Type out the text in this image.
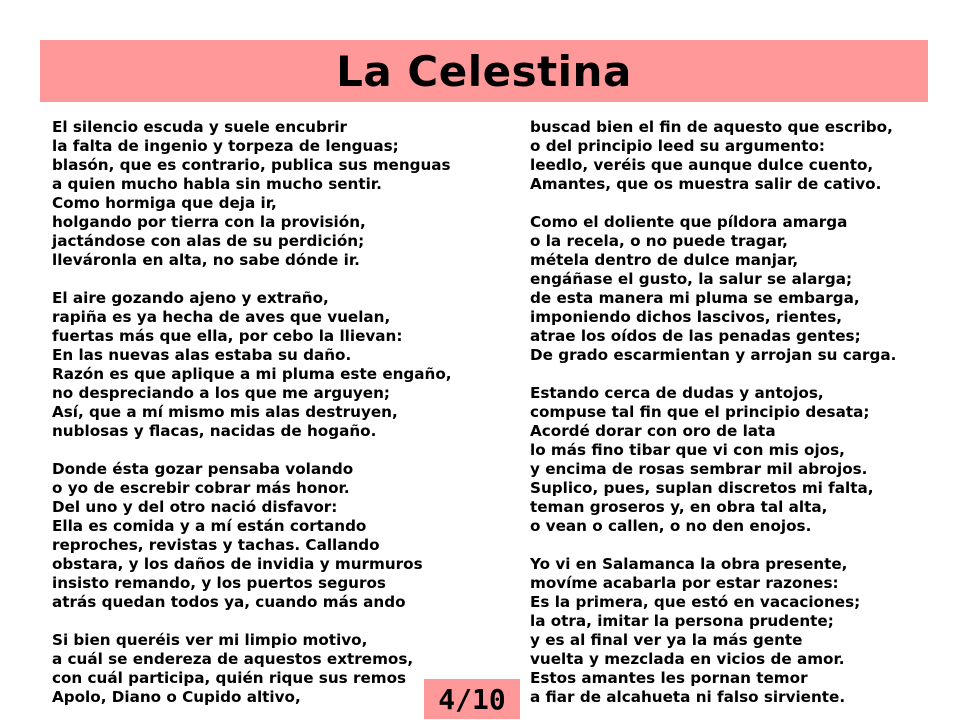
La Celestina
El silencio escuda y suele encubrir
la falta de ingenio y torpeza de lenguas;
blasón, que es contrario, publica sus menguas
a quien mucho habla sin mucho sentir.
Como hormiga que deja ir,
holgando por tierra con la provisión,
jactándose con alas de su perdición;
lleváronla en alta, no sabe dónde ir.
El aire gozando ajeno y extraño,
rapiña es ya hecha de aves que vuelan,
fuertas más que ella, por cebo la llievan:
En las nuevas alas estaba su daño.
Razón es que aplique a mi pluma este engaño,
no despreciando a los que me arguyen;
Así, que a mí mismo mis alas destruyen,
nublosas y flacas, nacidas de hogaño.
Donde ésta gozar pensaba volando
o yo de escrebir cobrar más honor.
Del uno y del otro nació disfavor:
Ella es comida y a mí están cortando
reproches, revistas y tachas. Callando
obstara, y los daños de invidia y murmuros
insisto remando, y los puertos seguros
atrás quedan todos ya, cuando más ando
Si bien queréis ver mi limpio motivo,
a cuál se endereza de aquestos extremos,
con cuál participa, quién rique sus remos
Apolo, Diano o Cupido altivo,
buscad bien el fin de aquesto que escribo,
o del principio leed su argumento:
leedlo, veréis que aunque dulce cuento,
Amantes, que os muestra salir de cativo.
Como el doliente que píldora amarga
o la recela, o no puede tragar,
métela dentro de dulce manjar,
engáñase el gusto, la salur se alarga;
de esta manera mi pluma se embarga,
imponiendo dichos lascivos, rientes,
atrae los oídos de las penadas gentes;
De grado escarmientan y arrojan su carga.
Estando cerca de dudas y antojos,
compuse tal fin que el principio desata;
Acordé dorar con oro de lata
lo más fino tibar que vi con mis ojos,
y encima de rosas sembrar mil abrojos.
Suplico, pues, suplan discretos mi falta,
teman groseros y, en obra tal alta,
o vean o callen, o no den enojos.
Yo vi en Salamanca la obra presente,
movíme acabarla por estar razones:
Es la primera, que estó en vacaciones;
la otra, imitar la persona prudente;
y es al final ver ya la más gente
vuelta y mezclada en vicios de amor.
Estos amantes les pornan temor
a fiar de alcahueta ni falso sirviente.
4/10
